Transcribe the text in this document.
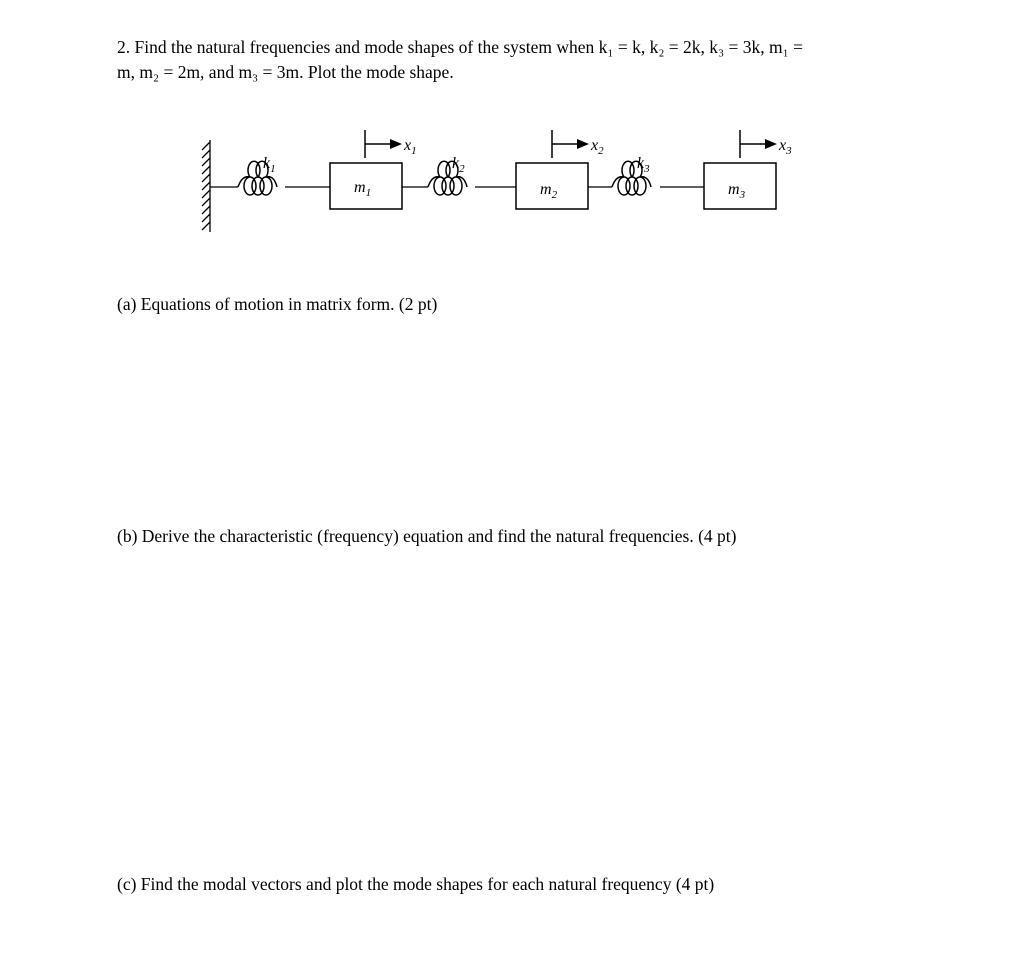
2. Find the natural frequencies and mode shapes of the system when k₁ = k, k₂ = 2k, k₃ = 3k, m₁ =
m, m₂ = 2m, and m₃ = 3m. Plot the mode shape.
$k_1$	$k_2$	$k_3$
$m_1$	$m_2$	$m_3$
$x_1$	$x_2$	$x_3$
(a) Equations of motion in matrix form. (2 pt)
(b) Derive the characteristic (frequency) equation and find the natural frequencies. (4 pt)
(c) Find the modal vectors and plot the mode shapes for each natural frequency (4 pt)
